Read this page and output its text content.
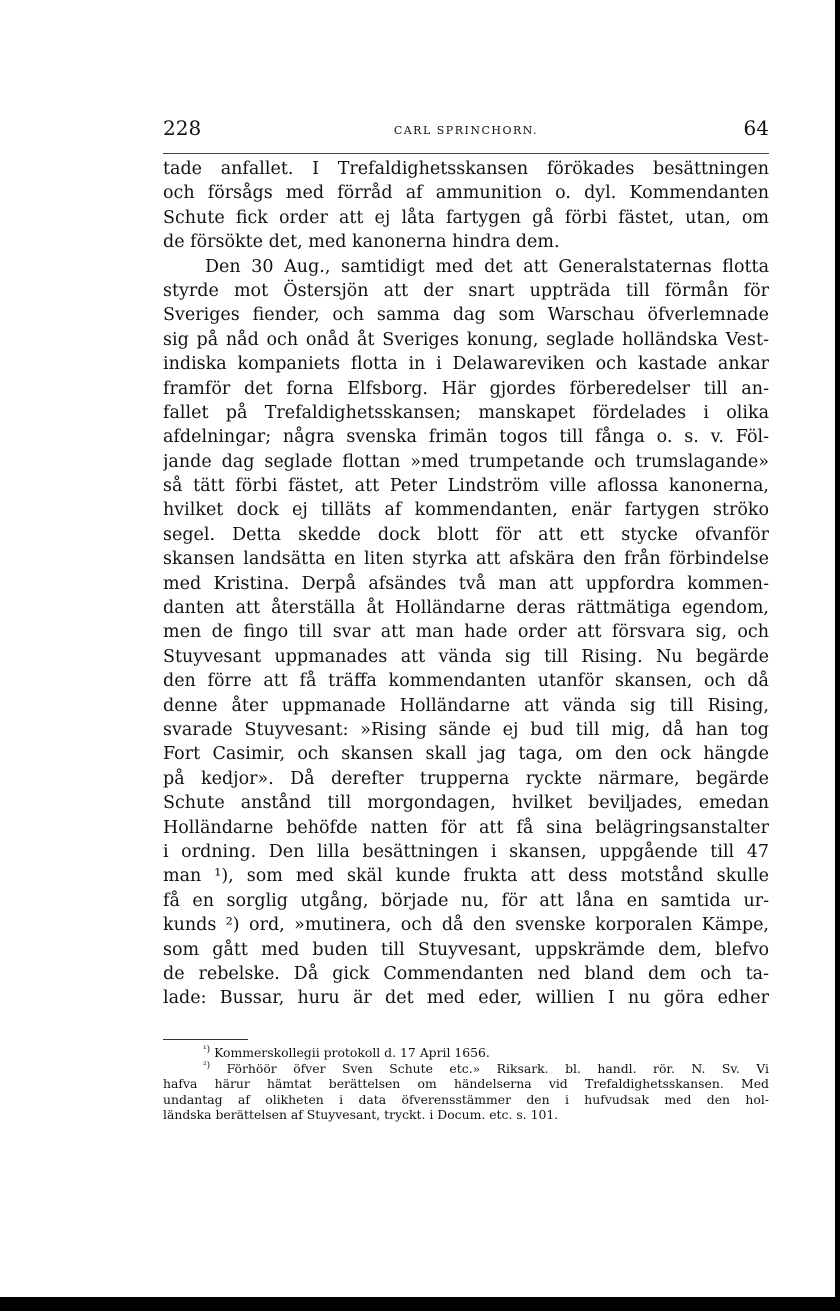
228	CARL SPRINCHORN.	64
tade anfallet. I Trefaldighetsskansen förökades besättningen
och försågs med förråd af ammunition o. dyl. Kommendanten
Schute fick order att ej låta fartygen gå förbi fästet, utan, om
de försökte det, med kanonerna hindra dem.
Den 30 Aug., samtidigt med det att Generalstaternas flotta
styrde mot Östersjön att der snart uppträda till förmån för
Sveriges fiender, och samma dag som Warschau öfverlemnade
sig på nåd och onåd åt Sveriges konung, seglade holländska Vest-
indiska kompaniets flotta in i Delawareviken och kastade ankar
framför det forna Elfsborg. Här gjordes förberedelser till an-
fallet på Trefaldighetsskansen; manskapet fördelades i olika
afdelningar; några svenska frimän togos till fånga o. s. v. Föl-
jande dag seglade flottan »med trumpetande och trumslagande»
så tätt förbi fästet, att Peter Lindström ville aflossa kanonerna,
hvilket dock ej tilläts af kommendanten, enär fartygen ströko
segel. Detta skedde dock blott för att ett stycke ofvanför
skansen landsätta en liten styrka att afskära den från förbindelse
med Kristina. Derpå afsändes två man att uppfordra kommen-
danten att återställa åt Holländarne deras rättmätiga egendom,
men de fingo till svar att man hade order att försvara sig, och
Stuyvesant uppmanades att vända sig till Rising. Nu begärde
den förre att få träffa kommendanten utanför skansen, och då
denne åter uppmanade Holländarne att vända sig till Rising,
svarade Stuyvesant: »Rising sände ej bud till mig, då han tog
Fort Casimir, och skansen skall jag taga, om den ock hängde
på kedjor». Då derefter trupperna ryckte närmare, begärde
Schute anstånd till morgondagen, hvilket beviljades, emedan
Holländarne behöfde natten för att få sina belägringsanstalter
i ordning. Den lilla besättningen i skansen, uppgående till 47
man ¹), som med skäl kunde frukta att dess motstånd skulle
få en sorglig utgång, började nu, för att låna en samtida ur-
kunds ²) ord, »mutinera, och då den svenske korporalen Kämpe,
som gått med buden till Stuyvesant, uppskrämde dem, blefvo
de rebelske. Då gick Commendanten ned bland dem och ta-
lade: Bussar, huru är det med eder, willien I nu göra edher
$^{^1)}$ Kommerskollegii protokoll d. 17 April 1656.
$^{^2)}$ Förhöör öfver Sven Schute etc.» Riksark. bl. handl. rör. N. Sv. Vi
hafva härur hämtat berättelsen om händelserna vid Trefaldighetsskansen. Med
undantag af olikheten i data öfverensstämmer den i hufvudsak med den hol-
ländska berättelsen af Stuyvesant, tryckt. i Docum. etc. s. 101.
